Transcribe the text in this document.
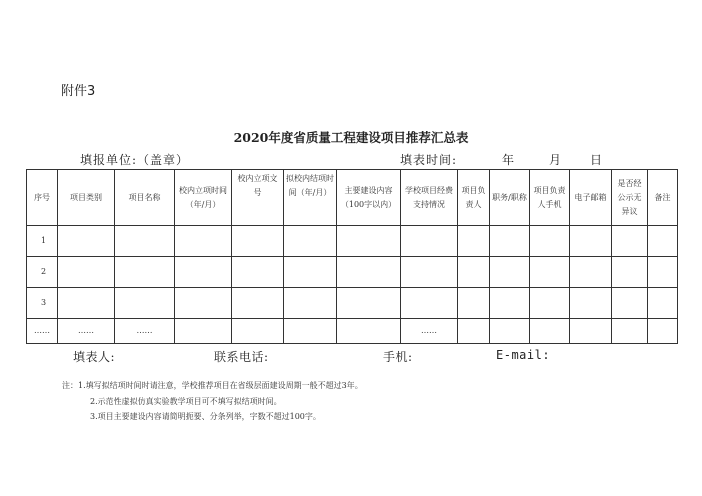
附件3
2020年度省质量工程建设项目推荐汇总表
填报单位:（盖章）	填表时间:	年	月 日
序号	项目类别	项目名称	校内立项时间（年/月）	校内立项文号	拟校内结项时间（年/月）	主要建设内容（100字以内）	学校项目经费支持情况	项目负责人	职务/职称	项目负责人手机	电子邮箱	是否经公示无异议	备注
1													
2													
3													
……	……	……					……						
填表人:	联系电话:	手机:	E-mail:
注：1.填写拟结项时间时请注意，学校推荐项目在省级层面建设周期一般不超过3年。
2.示范性虚拟仿真实验教学项目可不填写拟结项时间。
3.项目主要建设内容请简明扼要、分条列举，字数不超过100字。
